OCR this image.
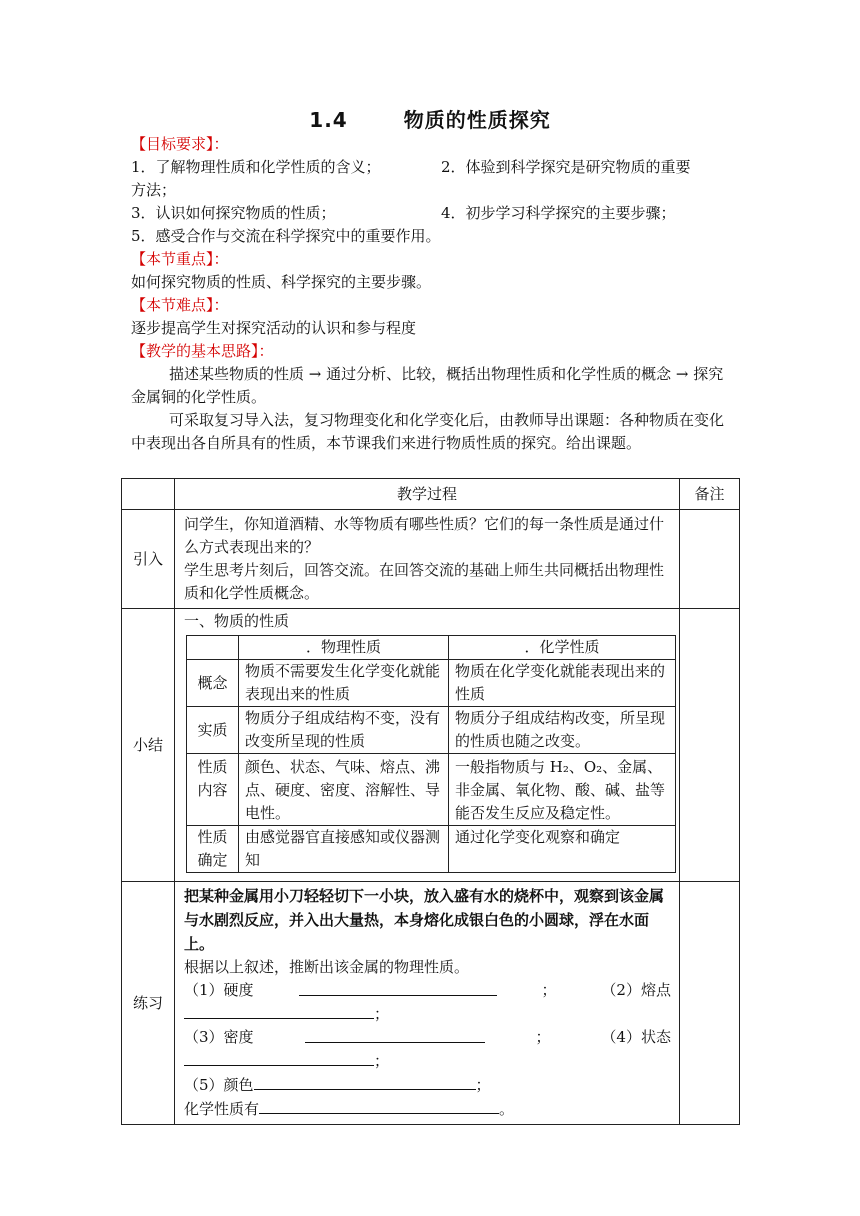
1.4	物质的性质探究
【目标要求】：
1．了解物理性质和化学性质的含义；	2．体验到科学探究是研究物质的重要
方法；
3．认识如何探究物质的性质；	4．初步学习科学探究的主要步骤；
5．感受合作与交流在科学探究中的重要作用。
【本节重点】：
如何探究物质的性质、科学探究的主要步骤。
【本节难点】：
逐步提高学生对探究活动的认识和参与程度
【教学的基本思路】：
描述某些物质的性质 → 通过分析、比较，概括出物理性质和化学性质的概念 → 探究金属铜的化学性质。
可采取复习导入法，复习物理变化和化学变化后，由教师导出课题：各种物质在变化中表现出各自所具有的性质，本节课我们来进行物质性质的探究。给出课题。
	教学过程	备注
引入	
问学生，你知道酒精、水等物质有哪些性质？它们的每一条性质是通过什么方式表现出来的？
学生思考片刻后，回答交流。在回答交流的基础上师生共同概括出物理性质和化学性质概念。

小结	
一、物质的性质
	．物理性质	．化学性质
概念	物质不需要发生化学变化就能表现出来的性质	物质在化学变化就能表现出来的性质
实质	物质分子组成结构不变，没有改变所呈现的性质	物质分子组成结构改变，所呈现的性质也随之改变。
性质内容	颜色、状态、气味、熔点、沸点、硬度、密度、溶解性、导电性。	一般指物质与 H₂、O₂、金属、非金属、氧化物、酸、碱、盐等能否发生反应及稳定性。
性质确定	由感觉器官直接感知或仪器测知	通过化学变化观察和确定

练习	
把某种金属用小刀轻轻切下一小块，放入盛有水的烧杯中，观察到该金属与水剧烈反应，并入出大量热，本身熔化成银白色的小圆球，浮在水面上。
根据以上叙述，推断出该金属的物理性质。
（1）硬度	；	（2）熔点
；
（3）密度	；	（4）状态
；
（5）颜色	；
化学性质有	。
